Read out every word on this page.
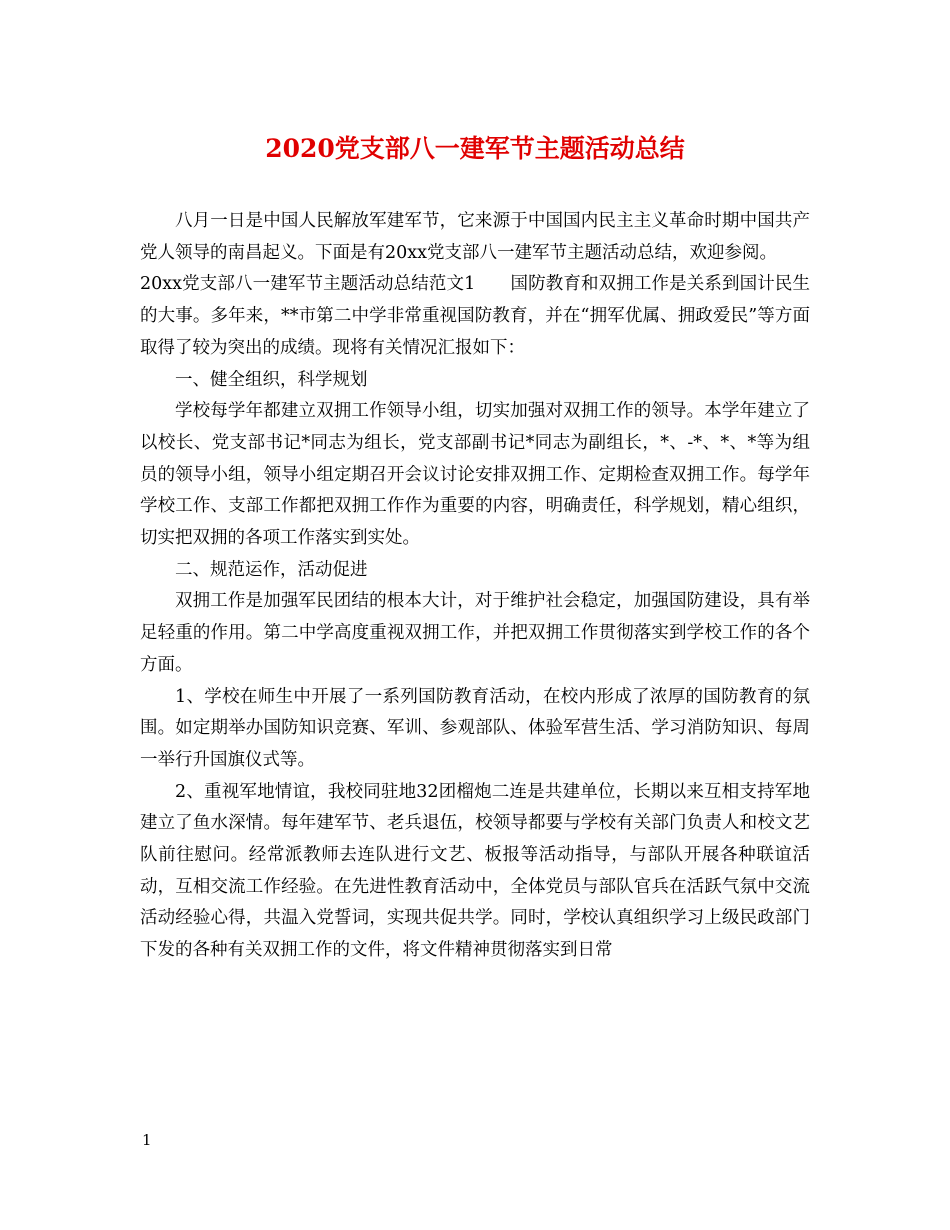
2020党支部八一建军节主题活动总结

八月一日是中国人民解放军建军节，它来源于中国国内民主主义革命时期中国共产党人领导的南昌起义。下面是有20xx党支部八一建军节主题活动总结，欢迎参阅。

20xx党支部八一建军节主题活动总结范文1　　国防教育和双拥工作是关系到国计民生的大事。多年来，**市第二中学非常重视国防教育，并在“拥军优属、拥政爱民”等方面取得了较为突出的成绩。现将有关情况汇报如下：

一、健全组织，科学规划

学校每学年都建立双拥工作领导小组，切实加强对双拥工作的领导。本学年建立了以校长、党支部书记*同志为组长，党支部副书记*同志为副组长，*、-*、*、*等为组员的领导小组，领导小组定期召开会议讨论安排双拥工作、定期检查双拥工作。每学年学校工作、支部工作都把双拥工作作为重要的内容，明确责任，科学规划，精心组织，切实把双拥的各项工作落实到实处。

二、规范运作，活动促进

双拥工作是加强军民团结的根本大计，对于维护社会稳定，加强国防建设，具有举足轻重的作用。第二中学高度重视双拥工作，并把双拥工作贯彻落实到学校工作的各个方面。

1、学校在师生中开展了一系列国防教育活动，在校内形成了浓厚的国防教育的氛围。如定期举办国防知识竞赛、军训、参观部队、体验军营生活、学习消防知识、每周一举行升国旗仪式等。

2、重视军地情谊，我校同驻地32团榴炮二连是共建单位，长期以来互相支持军地建立了鱼水深情。每年建军节、老兵退伍，校领导都要与学校有关部门负责人和校文艺队前往慰问。经常派教师去连队进行文艺、板报等活动指导，与部队开展各种联谊活动，互相交流工作经验。在先进性教育活动中，全体党员与部队官兵在活跃气氛中交流活动经验心得，共温入党誓词，实现共促共学。同时，学校认真组织学习上级民政部门下发的各种有关双拥工作的文件，将文件精神贯彻落实到日常

1
